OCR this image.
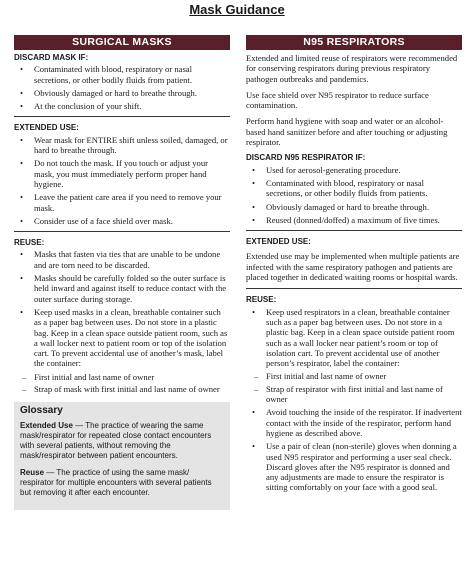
Mask Guidance
SURGICAL MASKS
DISCARD MASK IF:
• Contaminated with blood, respiratory or nasal secretions, or other bodily fluids from patient.
• Obviously damaged or hard to breathe through.
• At the conclusion of your shift.
EXTENDED USE:
• Wear mask for ENTIRE shift unless soiled, damaged, or hard to breathe through.
• Do not touch the mask. If you touch or adjust your mask, you must immediately perform proper hand hygiene.
• Leave the patient care area if you need to remove your mask.
• Consider use of a face shield over mask.
REUSE:
• Masks that fasten via ties that are unable to be undone and are torn need to be discarded.
• Masks should be carefully folded so the outer surface is held inward and against itself to reduce contact with the outer surface during storage.
• Keep used masks in a clean, breathable container such as a paper bag between uses. Do not store in a plastic bag. Keep in a clean space outside patient room, such as a wall locker next to patient room or top of the isolation cart. To prevent accidental use of another’s mask, label the container:
– First initial and last name of owner
– Strap of mask with first initial and last name of owner
Glossary
Extended Use — The practice of wearing the same mask/respirator for repeated close contact encounters with several patients, without removing the mask/respirator between patient encounters.
Reuse — The practice of using the same mask/ respirator for multiple encounters with several patients but removing it after each encounter.
N95 RESPIRATORS

Extended and limited reuse of respirators were recommended for conserving respirators during previous respiratory pathogen outbreaks and pandemics.

Use face shield over N95 respirator to reduce surface contamination.

Perform hand hygiene with soap and water or an alcohol-based hand sanitizer before and after touching or adjusting respirator.

DISCARD N95 RESPIRATOR IF:
• Used for aerosol-generating procedure.
• Contaminated with blood, respiratory or nasal secretions, or other bodily fluids from patients.
• Obviously damaged or hard to breathe through.
• Reused (donned/doffed) a maximum of five times.
EXTENDED USE:

Extended use may be implemented when multiple patients are infected with the same respiratory pathogen and patients are placed together in dedicated waiting rooms or hospital wards.

REUSE:
• Keep used respirators in a clean, breathable container such as a paper bag between uses. Do not store in a plastic bag. Keep in a clean space outside patient room such as a wall locker near patient’s room or top of isolation cart. To prevent accidental use of another person’s respirator, label the container:
– First initial and last name of owner
– Strap of respirator with first initial and last name of owner
• Avoid touching the inside of the respirator. If inadvertent contact with the inside of the respirator, perform hand hygiene as described above.
• Use a pair of clean (non-sterile) gloves when donning a used N95 respirator and performing a user seal check. Discard gloves after the N95 respirator is donned and any adjustments are made to ensure the respirator is sitting comfortably on your face with a good seal.
